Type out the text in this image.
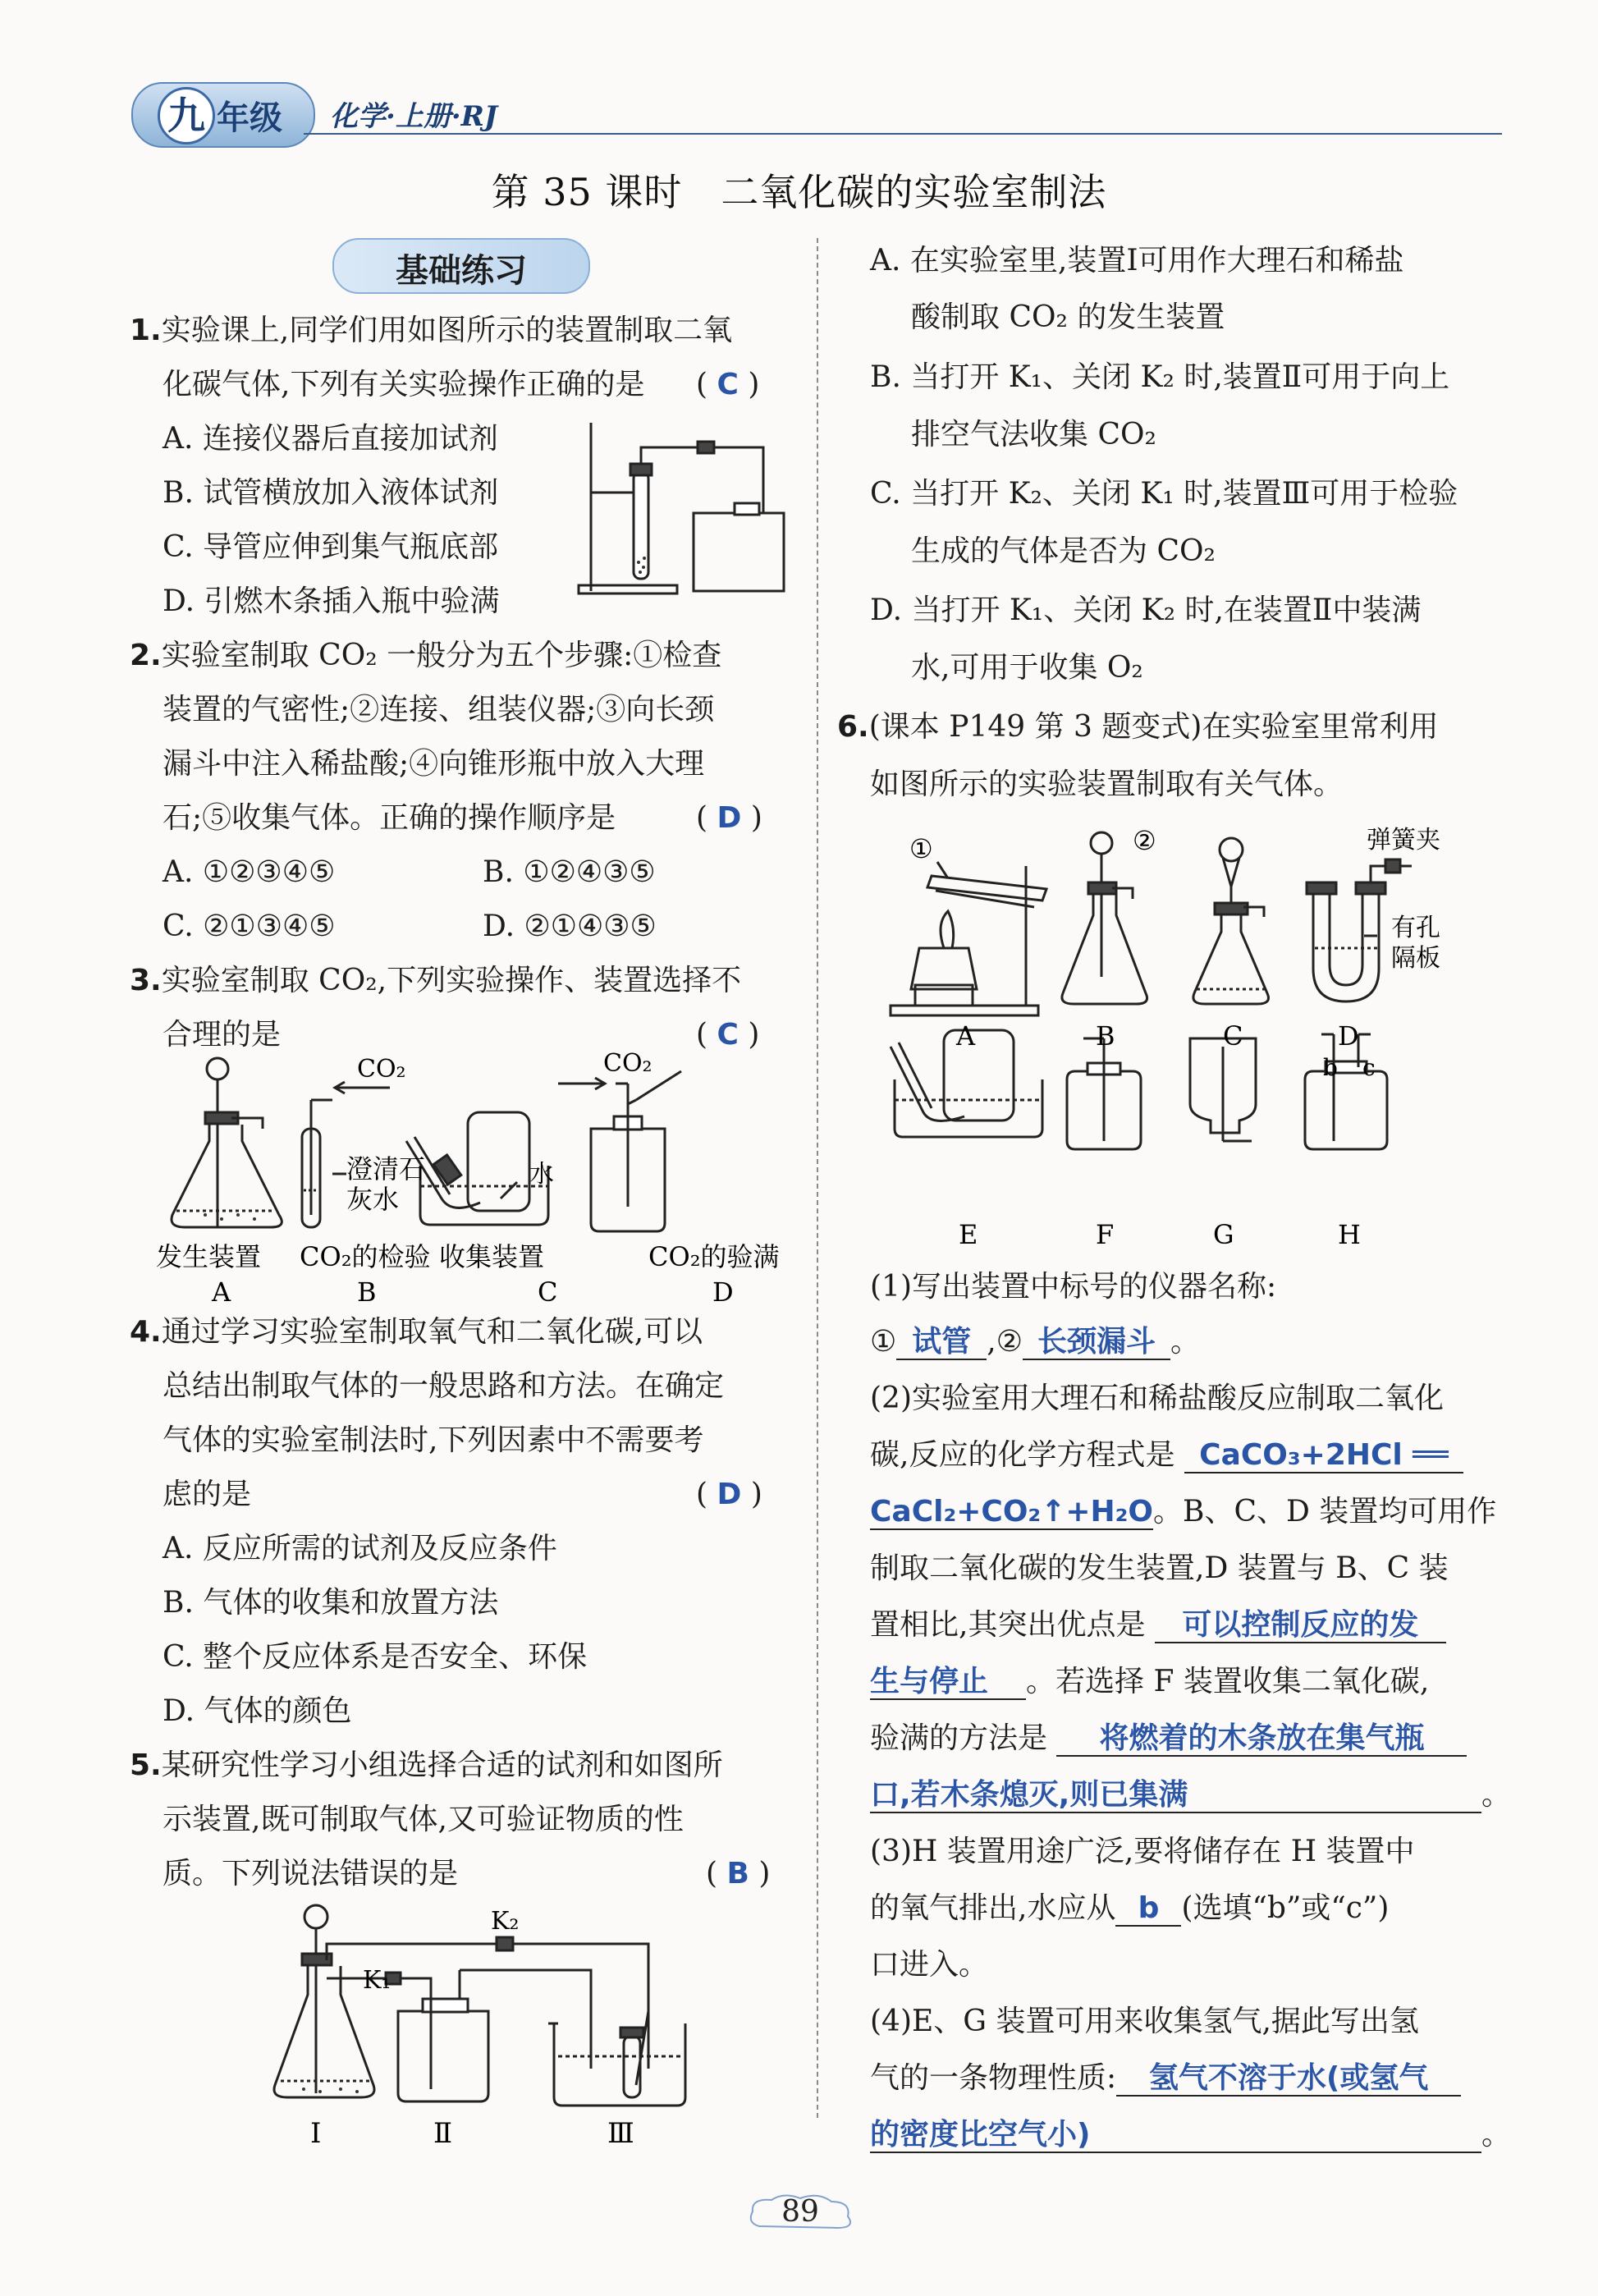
九 年级 化学·上册·RJ
第 35 课时　二氧化碳的实验室制法
基础练习
1.实验课上,同学们用如图所示的装置制取二氧
化碳气体,下列有关实验操作正确的是 ( C )
A. 连接仪器后直接加试剂
B. 试管横放加入液体试剂
C. 导管应伸到集气瓶底部
D. 引燃木条插入瓶中验满
2.实验室制取 CO₂ 一般分为五个步骤:①检查
装置的气密性;②连接、组装仪器;③向长颈
漏斗中注入稀盐酸;④向锥形瓶中放入大理
石;⑤收集气体。正确的操作顺序是	( D )
A. ①②③④⑤	B. ①②④③⑤
C. ②①③④⑤	D. ②①④③⑤
3.实验室制取 CO₂,下列实验操作、装置选择不
合理的是	( C )
CO₂	CO₂
澄清石
灰水
水
发生装置 CO₂的检验 收集装置	CO₂的验满
A	B	C	D
4.通过学习实验室制取氧气和二氧化碳,可以
总结出制取气体的一般思路和方法。在确定
气体的实验室制法时,下列因素中不需要考
虑的是	( D )
A. 反应所需的试剂及反应条件
B. 气体的收集和放置方法
C. 整个反应体系是否安全、环保
D. 气体的颜色
5.某研究性学习小组选择合适的试剂和如图所
示装置,既可制取气体,又可验证物质的性
质。下列说法错误的是	( B )
K₂
K₁
Ⅰ	Ⅱ	Ⅲ
A. 在实验室里,装置Ⅰ可用作大理石和稀盐
酸制取 CO₂ 的发生装置
B. 当打开 K₁、关闭 K₂ 时,装置Ⅱ可用于向上
排空气法收集 CO₂
C. 当打开 K₂、关闭 K₁ 时,装置Ⅲ可用于检验
生成的气体是否为 CO₂
D. 当打开 K₁、关闭 K₂ 时,在装置Ⅱ中装满
水,可用于收集 O₂
6.(课本 P149 第 3 题变式)在实验室里常利用
如图所示的实验装置制取有关气体。
①	②	弹簧夹
有孔
隔板
A	B	C	D
E	F	G	H
b c
(1)写出装置中标号的仪器名称:
① 试管 ,② 长颈漏斗 。
(2)实验室用大理石和稀盐酸反应制取二氧化
碳,反应的化学方程式是 CaCO₃+2HCl ══
CaCl₂+CO₂↑+H₂O。B、C、D 装置均可用作
制取二氧化碳的发生装置,D 装置与 B、C 装
置相比,其突出优点是 可以控制反应的发
生与停止 。若选择 F 装置收集二氧化碳,
验满的方法是 将燃着的木条放在集气瓶
口,若木条熄灭,则已集满	。
(3)H 装置用途广泛,要将储存在 H 装置中
的氧气排出,水应从 b (选填“b”或“c”)
口进入。
(4)E、G 装置可用来收集氢气,据此写出氢
气的一条物理性质: 氢气不溶于水(或氢气
的密度比空气小)	。
89
